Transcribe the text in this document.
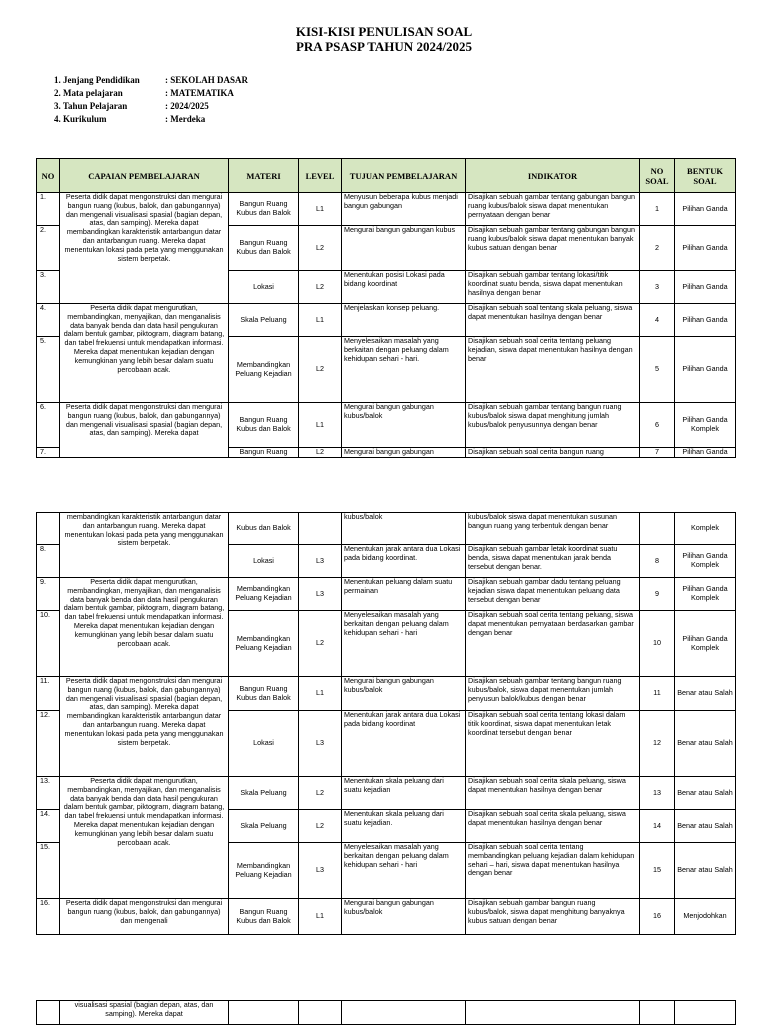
KISI-KISI PENULISAN SOAL
PRA PSASP TAHUN 2024/2025
1. Jenjang Pendidikan	: SEKOLAH DASAR
2. Mata pelajaran	: MATEMATIKA
3. Tahun Pelajaran	: 2024/2025
4. Kurikulum	: Merdeka
NO	CAPAIAN PEMBELAJARAN	MATERI	LEVEL	TUJUAN PEMBELAJARAN	INDIKATOR	NO SOAL	BENTUK SOAL
1.	Peserta didik dapat mengonstruksi dan mengurai bangun ruang (kubus, balok, dan gabungannya) dan mengenali visualisasi spasial (bagian depan, atas, dan samping). Mereka dapat membandingkan karakteristik antarbangun datar dan antarbangun ruang. Mereka dapat menentukan lokasi pada peta yang menggunakan sistem berpetak.	Bangun Ruang Kubus dan Balok	L1	Menyusun beberapa kubus menjadi bangun gabungan	Disajikan sebuah gambar tentang gabungan bangun ruang kubus/balok siswa dapat menentukan pernyataan dengan benar	1	Pilihan Ganda
2.		Bangun Ruang Kubus dan Balok	L2	Mengurai bangun gabungan kubus	Disajikan sebuah gambar tentang gabungan bangun ruang kubus/balok siswa dapat menentukan banyak kubus satuan dengan benar	2	Pilihan Ganda
3.		Lokasi	L2	Menentukan posisi Lokasi pada bidang koordinat	Disajikan sebuah gambar tentang lokasi/titik koordinat suatu benda, siswa dapat menentukan hasilnya dengan benar	3	Pilihan Ganda
4.	Peserta didik dapat mengurutkan, membandingkan, menyajikan, dan menganalisis data banyak benda dan data hasil pengukuran dalam bentuk gambar, piktogram, diagram batang, dan tabel frekuensi untuk mendapatkan informasi. Mereka dapat menentukan kejadian dengan kemungkinan yang lebih besar dalam suatu percobaan acak.	Skala Peluang	L1	Menjelaskan konsep peluang.	Disajikan sebuah soal tentang skala peluang, siswa dapat menentukan hasilnya dengan benar	4	Pilihan Ganda
5.		Membandingkan Peluang Kejadian	L2	Menyelesaikan masalah yang berkaitan dengan peluang dalam kehidupan sehari - hari.	Disajikan sebuah soal cerita tentang peluang kejadian, siswa dapat menentukan hasilnya dengan benar	5	Pilihan Ganda
6.	Peserta didik dapat mengonstruksi dan mengurai bangun ruang (kubus, balok, dan gabungannya) dan mengenali visualisasi spasial (bagian depan, atas, dan samping). Mereka dapat	Bangun Ruang Kubus dan Balok	L1	Mengurai bangun gabungan kubus/balok	Disajikan sebuah gambar tentang bangun ruang kubus/balok siswa dapat menghitung jumlah kubus/balok penyusunnya dengan benar	6	Pilihan Ganda Komplek
7.		Bangun Ruang	L2	Mengurai bangun gabungan	Disajikan sebuah soal cerita bangun ruang	7	Pilihan Ganda
	membandingkan karakteristik antarbangun datar dan antarbangun ruang. Mereka dapat menentukan lokasi pada peta yang menggunakan sistem berpetak.	Kubus dan Balok		kubus/balok	kubus/balok siswa dapat menentukan susunan bangun ruang yang terbentuk dengan benar		Komplek
8.		Lokasi	L3	Menentukan jarak antara dua Lokasi pada bidang koordinat.	Disajikan sebuah gambar letak koordinat suatu benda, siswa dapat menentukan jarak benda tersebut dengan benar.	8	Pilihan Ganda Komplek
9.	Peserta didik dapat mengurutkan, membandingkan, menyajikan, dan menganalisis data banyak benda dan data hasil pengukuran dalam bentuk gambar, piktogram, diagram batang, dan tabel frekuensi untuk mendapatkan informasi. Mereka dapat menentukan kejadian dengan kemungkinan yang lebih besar dalam suatu percobaan acak.	Membandingkan Peluang Kejadian	L3	Menentukan peluang dalam suatu permainan	Disajikan sebuah gambar dadu tentang peluang kejadian siswa dapat menentukan peluang data tersebut dengan benar	9	Pilihan Ganda Komplek
10.		Membandingkan Peluang Kejadian	L2	Menyelesaikan masalah yang berkaitan dengan peluang dalam kehidupan sehari - hari	Disajikan sebuah soal cerita tentang peluang, siswa dapat menentukan pernyataan berdasarkan gambar dengan benar	10	Pilihan Ganda Komplek
11.	Peserta didik dapat mengonstruksi dan mengurai bangun ruang (kubus, balok, dan gabungannya) dan mengenali visualisasi spasial (bagian depan, atas, dan samping). Mereka dapat membandingkan karakteristik antarbangun datar dan antarbangun ruang. Mereka dapat menentukan lokasi pada peta yang menggunakan sistem berpetak.	Bangun Ruang Kubus dan Balok	L1	Mengurai bangun gabungan kubus/balok	Disajikan sebuah gambar tentang bangun ruang kubus/balok, siswa dapat menentukan jumlah penyusun balok/kubus dengan benar	11	Benar atau Salah
12.		Lokasi	L3	Menentukan jarak antara dua Lokasi pada bidang koordinat	Disajikan sebuah soal cerita tentang lokasi dalam titik koordinat, siswa dapat menentukan letak koordinat tersebut dengan benar	12	Benar atau Salah
13.	Peserta didik dapat mengurutkan, membandingkan, menyajikan, dan menganalisis data banyak benda dan data hasil pengukuran dalam bentuk gambar, piktogram, diagram batang, dan tabel frekuensi untuk mendapatkan informasi. Mereka dapat menentukan kejadian dengan kemungkinan yang lebih besar dalam suatu percobaan acak.	Skala Peluang	L2	Menentukan skala peluang dari suatu kejadian	Disajikan sebuah soal cerita skala peluang, siswa dapat menentukan hasilnya dengan benar	13	Benar atau Salah
14.		Skala Peluang	L2	Menentukan skala peluang dari suatu kejadian.	Disajikan sebuah soal cerita skala peluang, siswa dapat menentukan hasilnya dengan benar	14	Benar atau Salah
15.		Membandingkan Peluang Kejadian	L3	Menyelesaikan masalah yang berkaitan dengan peluang dalam kehidupan sehari - hari	Disajikan sebuah soal cerita tentang membandingkan peluang kejadian dalam kehidupan sehari – hari, siswa dapat menentukan hasilnya dengan benar	15	Benar atau Salah
16.	Peserta didik dapat mengonstruksi dan mengurai bangun ruang (kubus, balok, dan gabungannya) dan mengenali	Bangun Ruang Kubus dan Balok	L1	Mengurai bangun gabungan kubus/balok	Disajikan sebuah gambar bangun ruang kubus/balok, siswa dapat menghitung banyaknya kubus satuan dengan benar	16	Menjodohkan
	visualisasi spasial (bagian depan, atas, dan samping). Mereka dapat						
